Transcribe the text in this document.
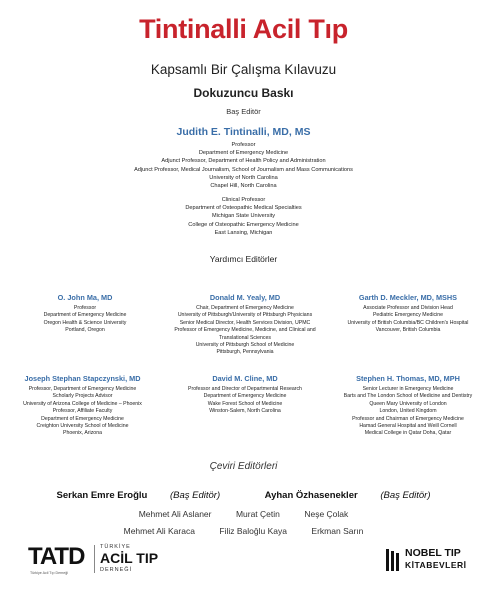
Tintinalli Acil Tıp
Kapsamlı Bir Çalışma Kılavuzu
Dokuzuncu Baskı
Baş Editör
Judith E. Tintinalli, MD, MS
Professor
Department of Emergency Medicine
Adjunct Professor, Department of Health Policy and Administration
Adjunct Professor, Medical Journalism, School of Journalism and Mass Communications
University of North Carolina
Chapel Hill, North Carolina
Clinical Professor
Department of Osteopathic Medical Specialties
Michigan State University
College of Osteopathic Emergency Medicine
East Lansing, Michigan
Yardımcı Editörler
O. John Ma, MD
Professor
Department of Emergency Medicine
Oregon Health & Science University
Portland, Oregon
Donald M. Yealy, MD
Chair, Department of Emergency Medicine
University of Pittsburgh/University of Pittsburgh Physicians
Senior Medical Director, Health Services Division, UPMC
Professor of Emergency Medicine, Medicine, and Clinical and
Translational Sciences
University of Pittsburgh School of Medicine
Pittsburgh, Pennsylvania
Garth D. Meckler, MD, MSHS
Associate Professor and Division Head
Pediatric Emergency Medicine
University of British Columbia/BC Children's Hospital
Vancouver, British Columbia
Joseph Stephan Stapczynski, MD
Professor, Department of Emergency Medicine
Scholarly Projects Advisor
University of Arizona College of Medicine – Phoenix
Professor, Affiliate Faculty
Department of Emergency Medicine
Creighton University School of Medicine
Phoenix, Arizona
David M. Cline, MD
Professor and Director of Departmental Research
Department of Emergency Medicine
Wake Forest School of Medicine
Winston-Salem, North Carolina
Stephen H. Thomas, MD, MPH
Senior Lecturer in Emergency Medicine
Barts and The London School of Medicine and Dentistry
Queen Mary University of London
London, United Kingdom
Professor and Chairman of Emergency Medicine
Hamad General Hospital and Weill Cornell
Medical College in Qatar Doha, Qatar
Çeviri Editörleri
Serkan Emre Eroğlu (Baş Editör)	Ayhan Özhasenekler (Baş Editör)
Mehmet Ali Aslaner	Murat Çetin	Neşe Çolak
Mehmet Ali Karaca	Filiz Baloğlu Kaya	Erkman Sarın
TATD
Türkiye Acil Tıp Derneği
TÜRKİYE
ACİL TIP
DERNEĞİ
NOBEL TIP
KİTABEVLERİ
